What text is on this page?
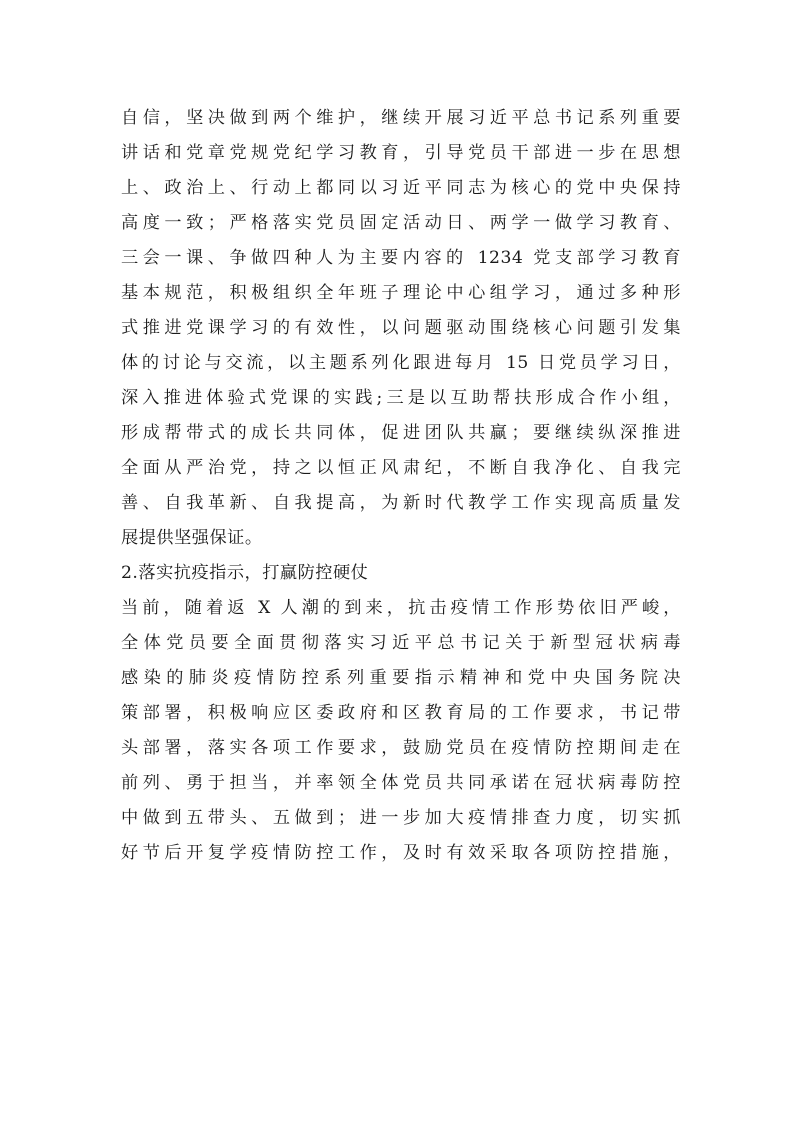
自信，坚决做到两个维护，继续开展习近平总书记系列重要
讲话和党章党规党纪学习教育，引导党员干部进一步在思想
上、政治上、行动上都同以习近平同志为核心的党中央保持
高度一致；严格落实党员固定活动日、两学一做学习教育、
三会一课、争做四种人为主要内容的 1234 党支部学习教育
基本规范，积极组织全年班子理论中心组学习，通过多种形
式推进党课学习的有效性，以问题驱动围绕核心问题引发集
体的讨论与交流，以主题系列化跟进每月 15 日党员学习日，
深入推进体验式党课的实践;三是以互助帮扶形成合作小组，
形成帮带式的成长共同体，促进团队共赢；要继续纵深推进
全面从严治党，持之以恒正风肃纪，不断自我净化、自我完
善、自我革新、自我提高，为新时代教学工作实现高质量发
展提供坚强保证。
2.落实抗疫指示，打赢防控硬仗
当前，随着返 X 人潮的到来，抗击疫情工作形势依旧严峻，
全体党员要全面贯彻落实习近平总书记关于新型冠状病毒
感染的肺炎疫情防控系列重要指示精神和党中央国务院决
策部署，积极响应区委政府和区教育局的工作要求，书记带
头部署，落实各项工作要求，鼓励党员在疫情防控期间走在
前列、勇于担当，并率领全体党员共同承诺在冠状病毒防控
中做到五带头、五做到；进一步加大疫情排查力度，切实抓
好节后开复学疫情防控工作，及时有效采取各项防控措施，
